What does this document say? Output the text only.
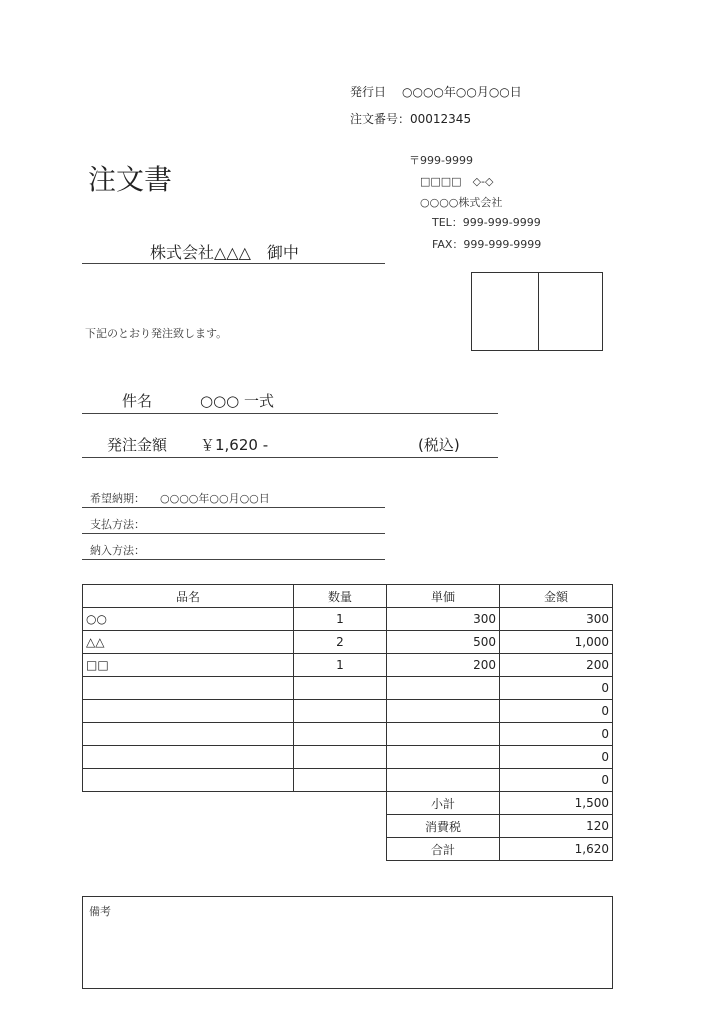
発行日 ○○○○年○○月○○日
注文番号：00012345
注文書
〒999-9999
□□□□　◇-◇
○○○○株式会社
TEL：999-999-9999
FAX：999-999-9999
株式会社△△△　御中
下記のとおり発注致します。
件名	○○○ 一式
発注金額 ￥1,620 -	(税込)
希望納期： ○○○○年○○月○○日
支払方法：
納入方法：
品名	数量	単価	金額
○○	1	300	300
△△	2	500	1,000
□□	1	200	200
			0
			0
			0
			0
			0
		小計	1,500
		消費税	120
		合計	1,620
備考
